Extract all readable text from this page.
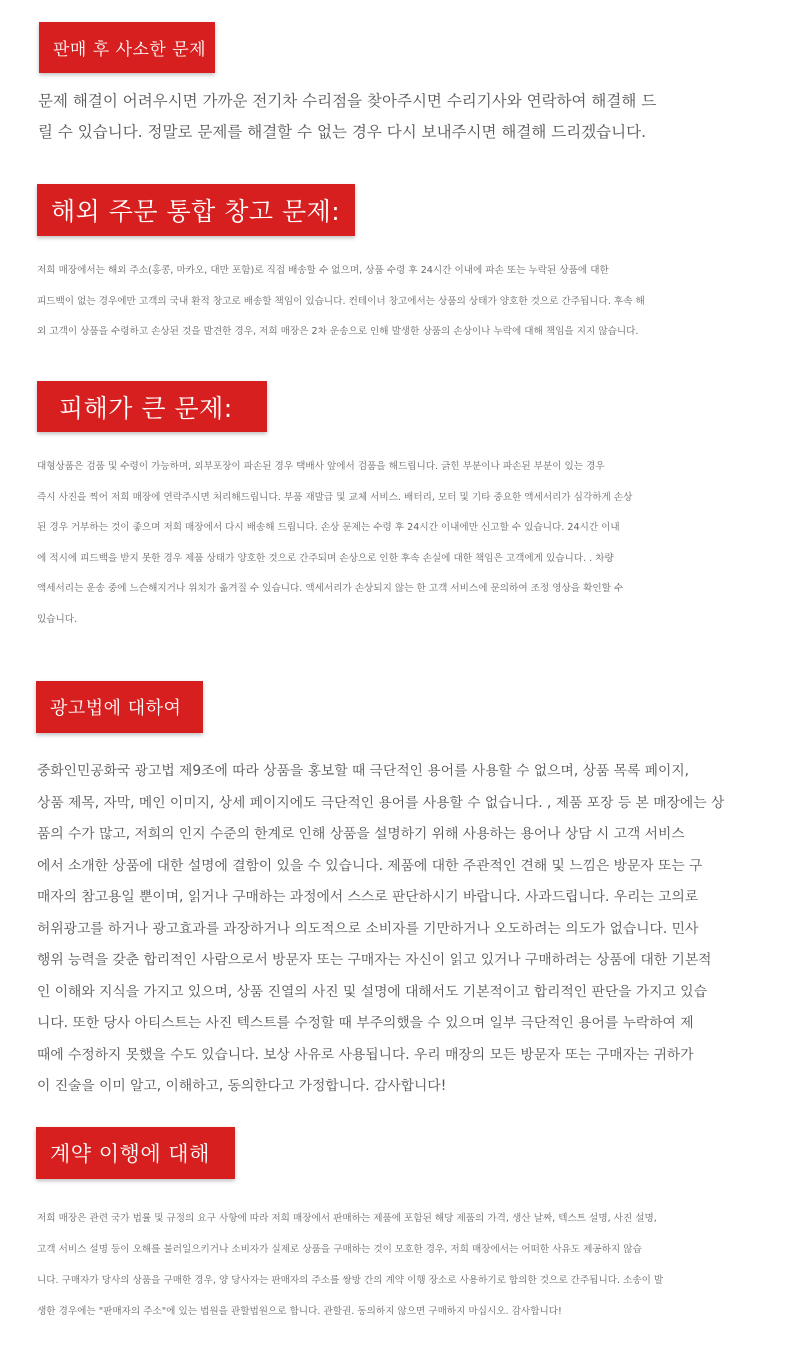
판매 후 사소한 문제

문제 해결이 어려우시면 가까운 전기차 수리점을 찾아주시면 수리기사와 연락하여 해결해 드
릴 수 있습니다. 정말로 문제를 해결할 수 없는 경우 다시 보내주시면 해결해 드리겠습니다.

해외 주문 통합 창고 문제:

저희 매장에서는 해외 주소(홍콩, 마카오, 대만 포함)로 직접 배송할 수 없으며, 상품 수령 후 24시간 이내에 파손 또는 누락된 상품에 대한
피드백이 없는 경우에만 고객의 국내 환적 창고로 배송할 책임이 있습니다. 컨테이너 창고에서는 상품의 상태가 양호한 것으로 간주됩니다. 후속 해
외 고객이 상품을 수령하고 손상된 것을 발견한 경우, 저희 매장은 2차 운송으로 인해 발생한 상품의 손상이나 누락에 대해 책임을 지지 않습니다.

피해가 큰 문제:

대형상품은 검품 및 수령이 가능하며, 외부포장이 파손된 경우 택배사 앞에서 검품을 해드립니다. 긁힌 부분이나 파손된 부분이 있는 경우
즉시 사진을 찍어 저희 매장에 연락주시면 처리해드립니다. 부품 재발급 및 교체 서비스. 배터리, 모터 및 기타 중요한 액세서리가 심각하게 손상
된 경우 거부하는 것이 좋으며 저희 매장에서 다시 배송해 드립니다. 손상 문제는 수령 후 24시간 이내에만 신고할 수 있습니다. 24시간 이내
에 적시에 피드백을 받지 못한 경우 제품 상태가 양호한 것으로 간주되며 손상으로 인한 후속 손실에 대한 책임은 고객에게 있습니다. . 차량
액세서리는 운송 중에 느슨해지거나 위치가 옮겨질 수 있습니다. 액세서리가 손상되지 않는 한 고객 서비스에 문의하여 조정 영상을 확인할 수
있습니다.

광고법에 대하여

중화인민공화국 광고법 제9조에 따라 상품을 홍보할 때 극단적인 용어를 사용할 수 없으며, 상품 목록 페이지,
상품 제목, 자막, 메인 이미지, 상세 페이지에도 극단적인 용어를 사용할 수 없습니다. , 제품 포장 등 본 매장에는 상
품의 수가 많고, 저희의 인지 수준의 한계로 인해 상품을 설명하기 위해 사용하는 용어나 상담 시 고객 서비스
에서 소개한 상품에 대한 설명에 결함이 있을 수 있습니다. 제품에 대한 주관적인 견해 및 느낌은 방문자 또는 구
매자의 참고용일 뿐이며, 읽거나 구매하는 과정에서 스스로 판단하시기 바랍니다. 사과드립니다. 우리는 고의로
허위광고를 하거나 광고효과를 과장하거나 의도적으로 소비자를 기만하거나 오도하려는 의도가 없습니다. 민사
행위 능력을 갖춘 합리적인 사람으로서 방문자 또는 구매자는 자신이 읽고 있거나 구매하려는 상품에 대한 기본적
인 이해와 지식을 가지고 있으며, 상품 진열의 사진 및 설명에 대해서도 기본적이고 합리적인 판단을 가지고 있습
니다. 또한 당사 아티스트는 사진 텍스트를 수정할 때 부주의했을 수 있으며 일부 극단적인 용어를 누락하여 제
때에 수정하지 못했을 수도 있습니다. 보상 사유로 사용됩니다. 우리 매장의 모든 방문자 또는 구매자는 귀하가
이 진술을 이미 알고, 이해하고, 동의한다고 가정합니다. 감사합니다!

계약 이행에 대해

저희 매장은 관련 국가 법률 및 규정의 요구 사항에 따라 저희 매장에서 판매하는 제품에 포함된 해당 제품의 가격, 생산 날짜, 텍스트 설명, 사진 설명,
고객 서비스 설명 등이 오해를 불러일으키거나 소비자가 실제로 상품을 구매하는 것이 모호한 경우, 저희 매장에서는 어떠한 사유도 제공하지 않습
니다. 구매자가 당사의 상품을 구매한 경우, 양 당사자는 판매자의 주소를 쌍방 간의 계약 이행 장소로 사용하기로 합의한 것으로 간주됩니다. 소송이 발
생한 경우에는 "판매자의 주소"에 있는 법원을 관할법원으로 합니다. 관할권. 동의하지 않으면 구매하지 마십시오. 감사합니다!
